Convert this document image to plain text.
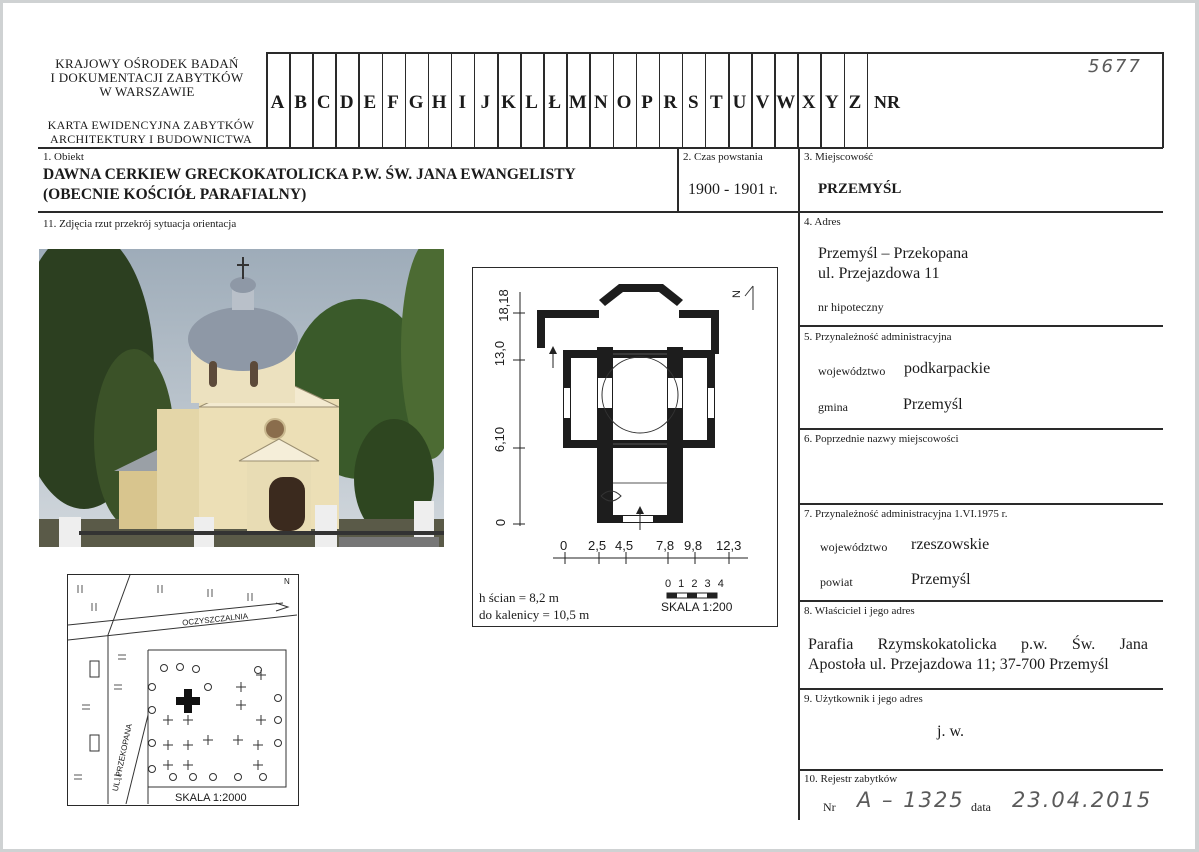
KRAJOWY OŚRODEK BADAŃ
I DOKUMENTACJI ZABYTKÓW
W WARSZAWIE
KARTA EWIDENCYJNA ZABYTKÓW
ARCHITEKTURY I BUDOWNICTWA
A B C D E F G H I J K L Ł M N O P R S T U V W X Y Z NR
5677
1. Obiekt
DAWNA CERKIEW GRECKOKATOLICKA P.W. ŚW. JANA EWANGELISTY
(OBECNIE KOŚCIÓŁ PARAFIALNY)
2. Czas powstania
1900 - 1901 r.
3. Miejscowość
PRZEMYŚL
11. Zdjęcia rzut przekrój sytuacja orientacja	4. Adres
Przemyśl – Przekopana
ul. Przejazdowa 11
nr hipoteczny
5. Przynależność administracyjna
województwo podkarpackie
gmina	Przemyśl
6. Poprzednie nazwy miejscowości
7. Przynależność administracyjna 1.VI.1975 r.
województwo rzeszowskie
powiat	Przemyśl
8. Właściciel i jego adres
Parafia Rzymskokatolicka p.w. Św. Jana
Apostoła ul. Przejazdowa 11; 37-700 Przemyśl
9. Użytkownik i jego adres
j. w.
10. Rejestr zabytków
Nr A – 1325 data 23.04.2015
0
6,10
13,0
18,18
0 2,5 4,5 7,8 9,8 12,3
h ścian = 8,2 m
do kalenicy = 10,5 m
0 1 2 3 4
SKALA 1:200
N
OCZYSZCZALNIA
UL. PRZEKOPANA
SKALA 1:2000
N
